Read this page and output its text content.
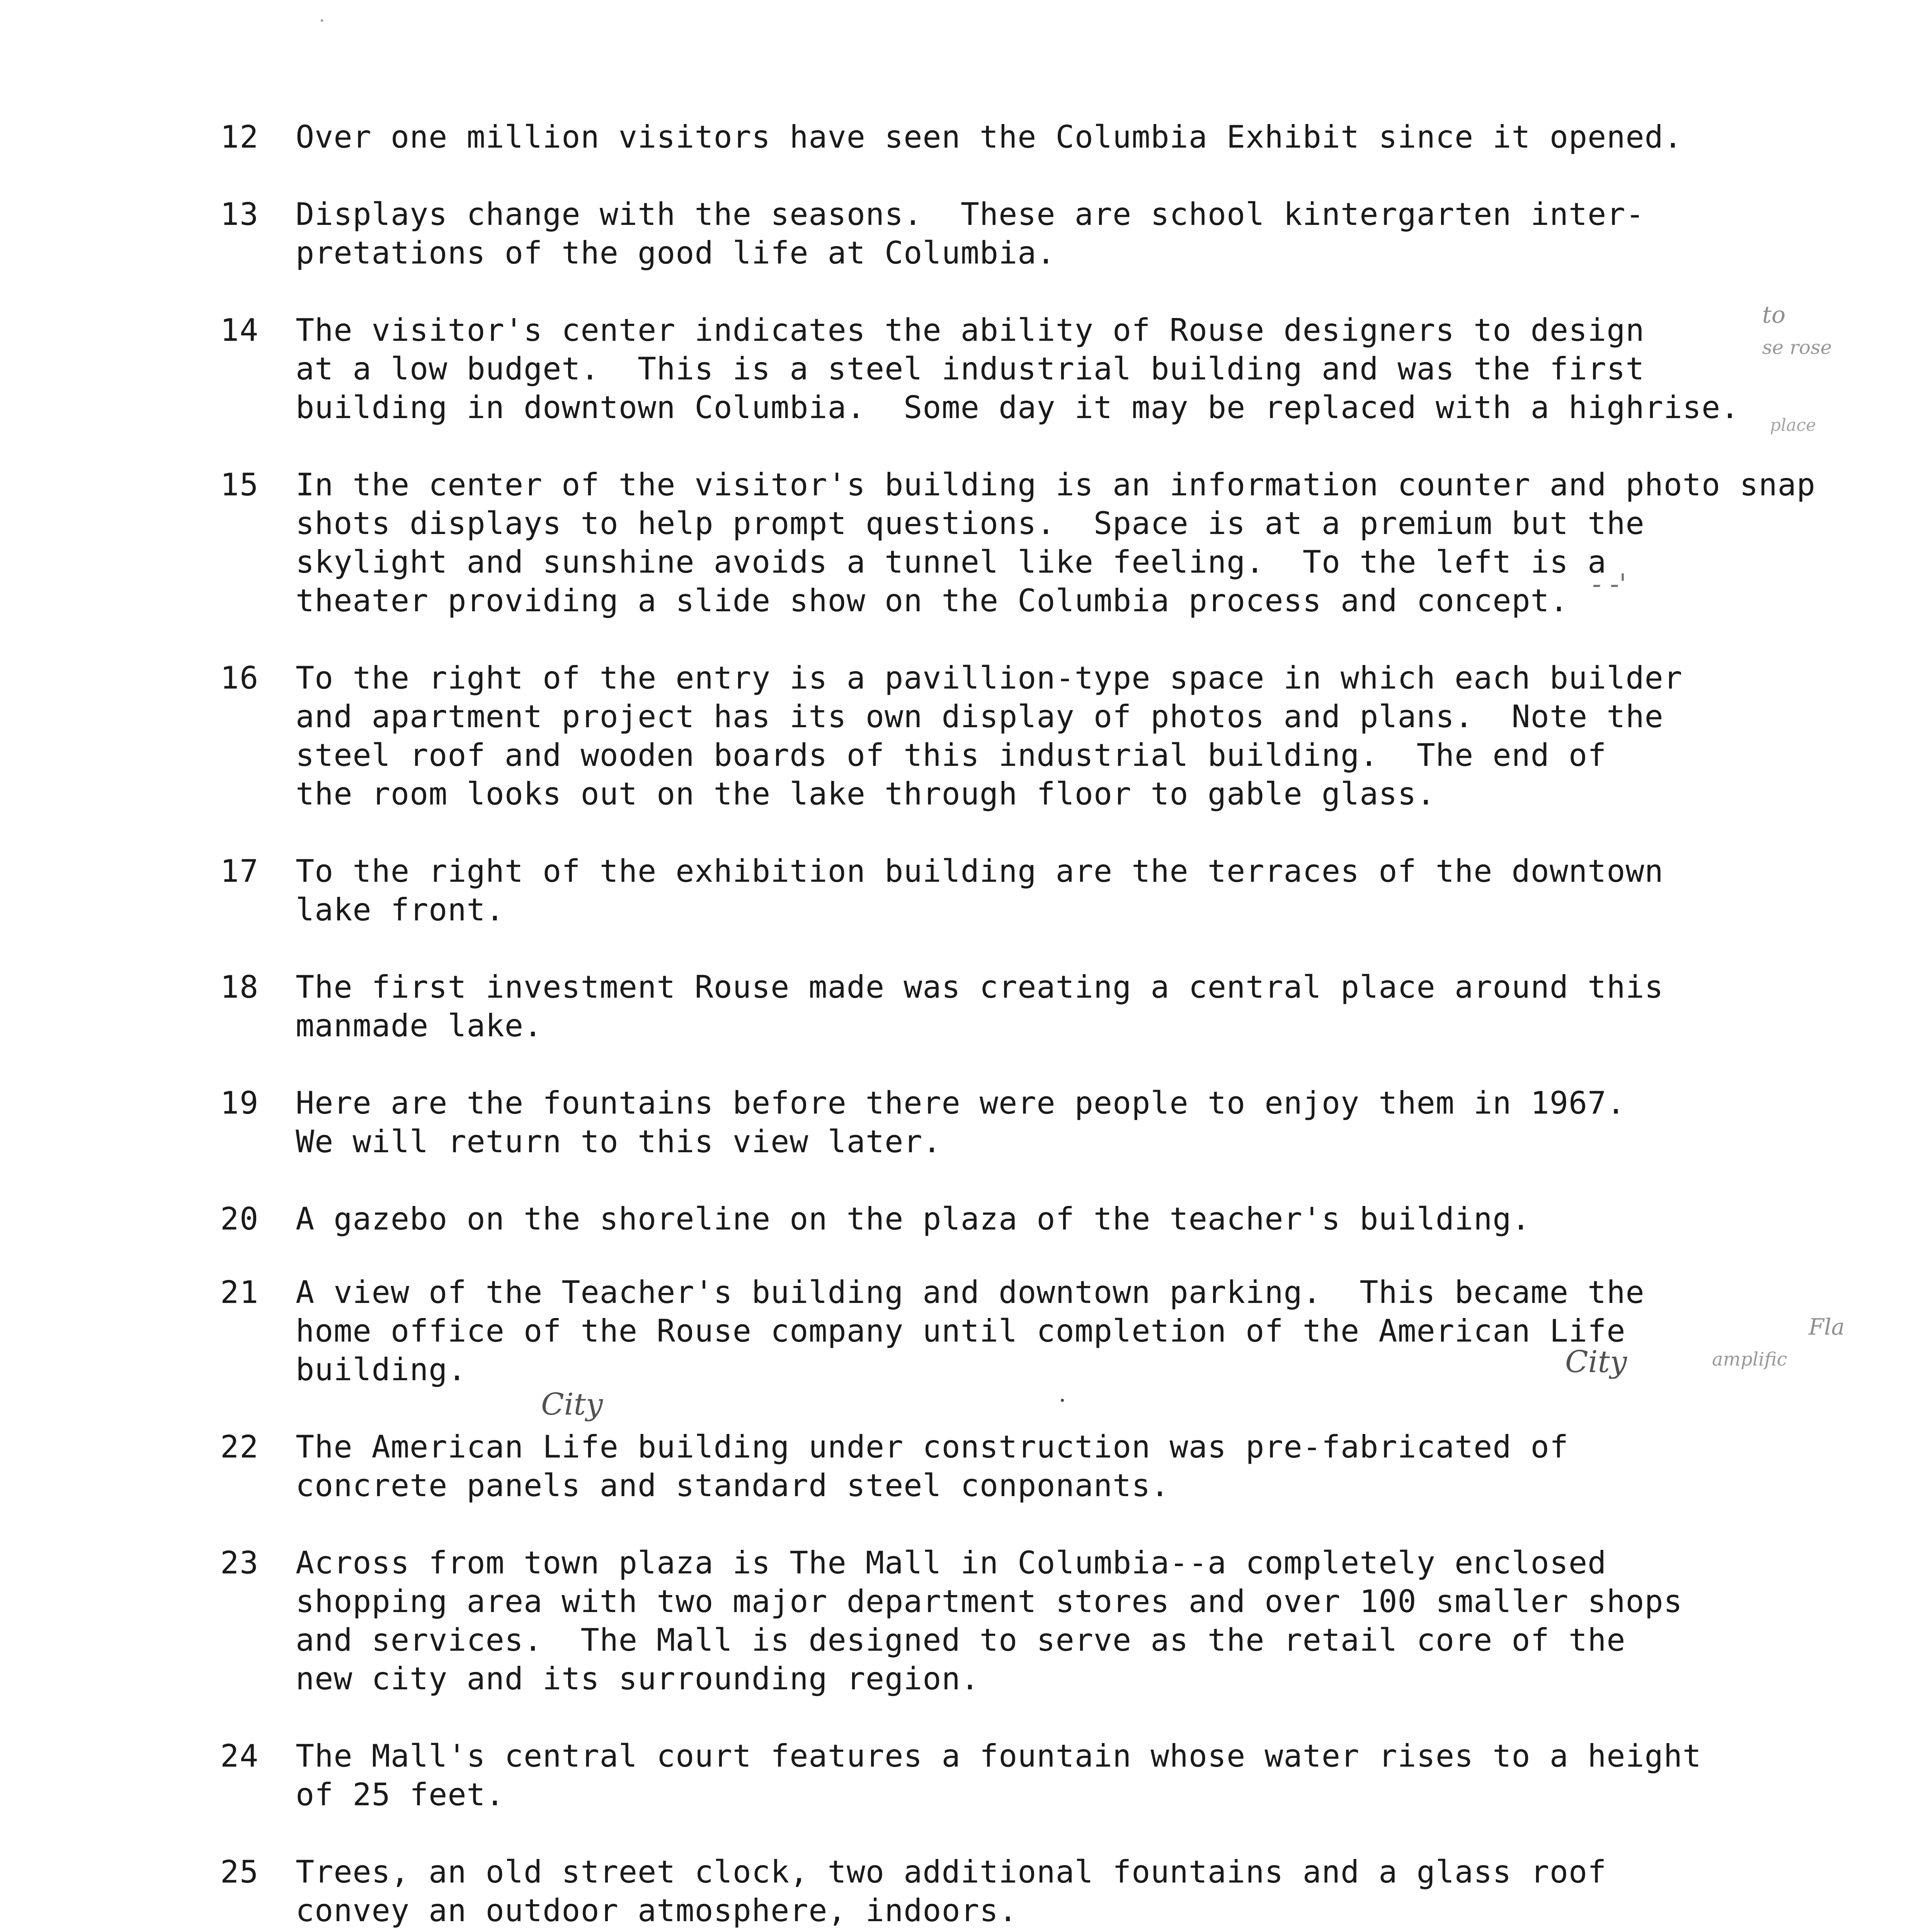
12 Over one million visitors have seen the Columbia Exhibit since it opened.
13 Displays change with the seasons.  These are school kintergarten inter-
pretations of the good life at Columbia.
14 The visitor's center indicates the ability of Rouse designers to design
at a low budget.  This is a steel industrial building and was the first
building in downtown Columbia.  Some day it may be replaced with a highrise.
15 In the center of the visitor's building is an information counter and photo snap
shots displays to help prompt questions.  Space is at a premium but the
skylight and sunshine avoids a tunnel like feeling.  To the left is a
theater providing a slide show on the Columbia process and concept.
16 To the right of the entry is a pavillion-type space in which each builder
and apartment project has its own display of photos and plans.  Note the
steel roof and wooden boards of this industrial building.  The end of
the room looks out on the lake through floor to gable glass.
17 To the right of the exhibition building are the terraces of the downtown
lake front.
18 The first investment Rouse made was creating a central place around this
manmade lake.
19 Here are the fountains before there were people to enjoy them in 1967.
We will return to this view later.
20 A gazebo on the shoreline on the plaza of the teacher's building.
21 A view of the Teacher's building and downtown parking.  This became the
home office of the Rouse company until completion of the American Life
building.
22 The American Life building under construction was pre-fabricated of
concrete panels and standard steel conponants.
23 Across from town plaza is The Mall in Columbia--a completely enclosed
shopping area with two major department stores and over 100 smaller shops
and services.  The Mall is designed to serve as the retail core of the
new city and its surrounding region.
24 The Mall's central court features a fountain whose water rises to a height
of 25 feet.
25 Trees, an old street clock, two additional fountains and a glass roof
convey an outdoor atmosphere, indoors.
to
se rose
place
- -'
Fla
amplific
City
City
